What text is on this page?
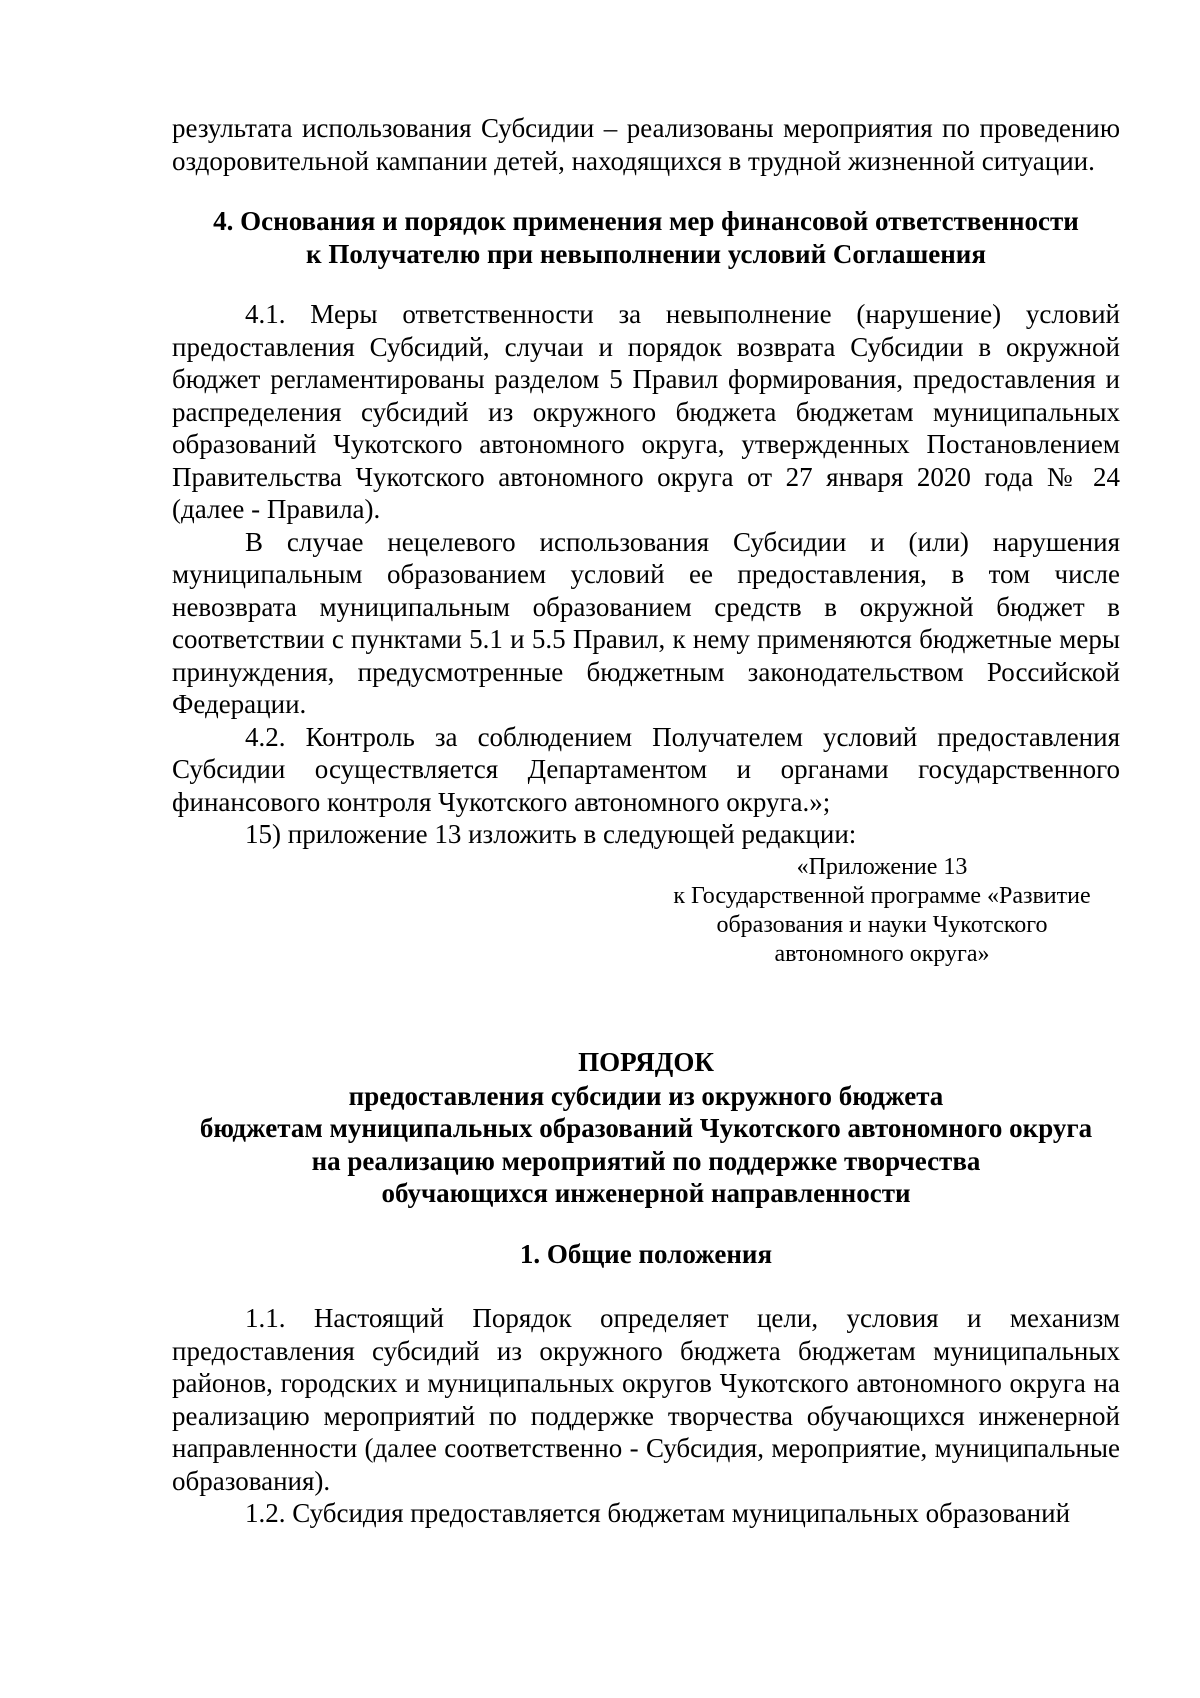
результата использования Субсидии – реализованы мероприятия по проведению оздоровительной кампании детей, находящихся в трудной жизненной ситуации.

4. Основания и порядок применения мер финансовой ответственности
к Получателю при невыполнении условий Соглашения

4.1. Меры ответственности за невыполнение (нарушение) условий предоставления Субсидий, случаи и порядок возврата Субсидии в окружной бюджет регламентированы разделом 5 Правил формирования, предоставления и распределения субсидий из окружного бюджета бюджетам муниципальных образований Чукотского автономного округа, утвержденных Постановлением Правительства Чукотского автономного округа от 27 января 2020 года № 24 (далее - Правила).

В случае нецелевого использования Субсидии и (или) нарушения муниципальным образованием условий ее предоставления, в том числе невозврата муниципальным образованием средств в окружной бюджет в соответствии с пунктами 5.1 и 5.5 Правил, к нему применяются бюджетные меры принуждения, предусмотренные бюджетным законодательством Российской Федерации.

4.2. Контроль за соблюдением Получателем условий предоставления Субсидии осуществляется Департаментом и органами государственного финансового контроля Чукотского автономного округа.»;

15) приложение 13 изложить в следующей редакции:

«Приложение 13
к Государственной программе «Развитие
образования и науки Чукотского
автономного округа»
ПОРЯДОК
предоставления субсидии из окружного бюджета
бюджетам муниципальных образований Чукотского автономного округа
на реализацию мероприятий по поддержке творчества
обучающихся инженерной направленности
1. Общие положения

1.1. Настоящий Порядок определяет цели, условия и механизм предоставления субсидий из окружного бюджета бюджетам муниципальных районов, городских и муниципальных округов Чукотского автономного округа на реализацию мероприятий по поддержке творчества обучающихся инженерной направленности (далее соответственно - Субсидия, мероприятие, муниципальные образования).

1.2. Субсидия предоставляется бюджетам муниципальных образований
